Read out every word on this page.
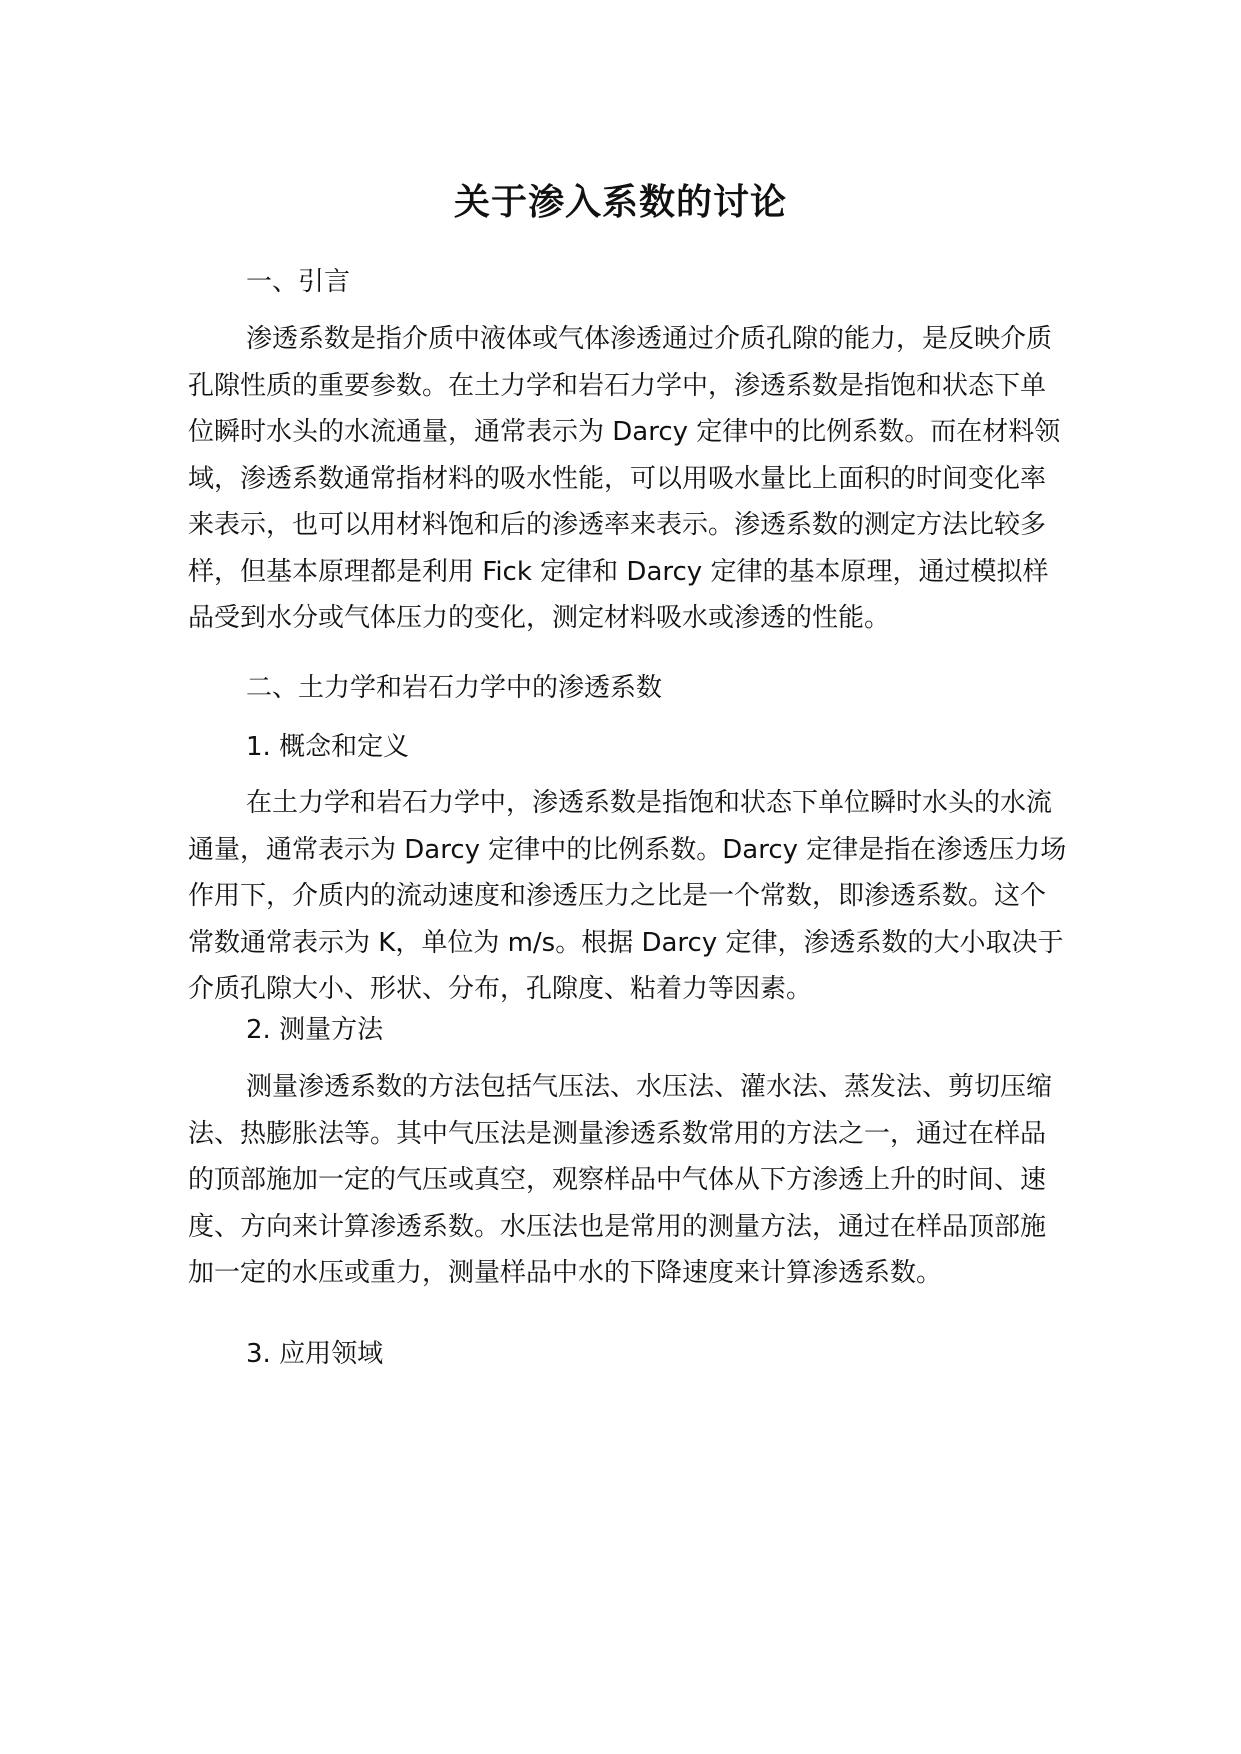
关于渗入系数的讨论
一、引言
渗透系数是指介质中液体或气体渗透通过介质孔隙的能力，是反映介质孔隙性质的重要参数。在土力学和岩石力学中，渗透系数是指饱和状态下单位瞬时水头的水流通量，通常表示为 Darcy 定律中的比例系数。而在材料领域，渗透系数通常指材料的吸水性能，可以用吸水量比上面积的时间变化率来表示，也可以用材料饱和后的渗透率来表示。渗透系数的测定方法比较多样，但基本原理都是利用 Fick 定律和 Darcy 定律的基本原理，通过模拟样品受到水分或气体压力的变化，测定材料吸水或渗透的性能。
二、土力学和岩石力学中的渗透系数
1. 概念和定义
在土力学和岩石力学中，渗透系数是指饱和状态下单位瞬时水头的水流通量，通常表示为 Darcy 定律中的比例系数。Darcy 定律是指在渗透压力场作用下，介质内的流动速度和渗透压力之比是一个常数，即渗透系数。这个常数通常表示为 K，单位为 m/s。根据 Darcy 定律，渗透系数的大小取决于介质孔隙大小、形状、分布，孔隙度、粘着力等因素。
2. 测量方法
测量渗透系数的方法包括气压法、水压法、灌水法、蒸发法、剪切压缩法、热膨胀法等。其中气压法是测量渗透系数常用的方法之一，通过在样品的顶部施加一定的气压或真空，观察样品中气体从下方渗透上升的时间、速度、方向来计算渗透系数。水压法也是常用的测量方法，通过在样品顶部施加一定的水压或重力，测量样品中水的下降速度来计算渗透系数。
3. 应用领域
